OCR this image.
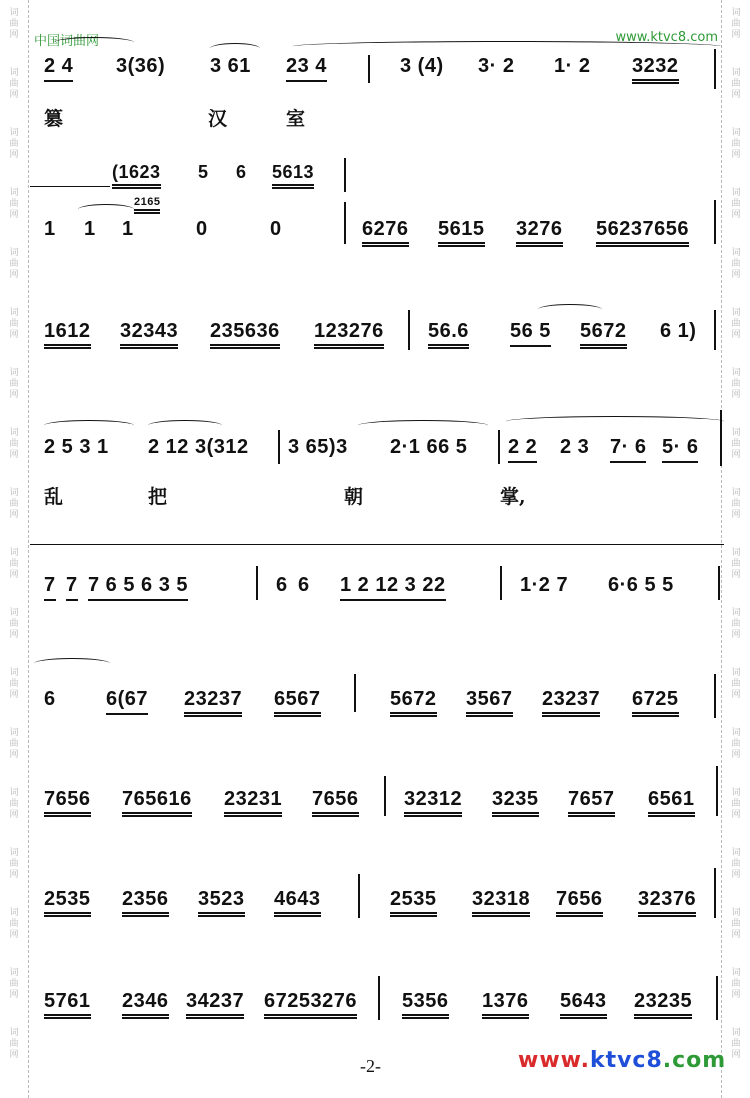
词
曲
网
词
曲
网
词
曲
网
词
曲
网
词
曲
网
词
曲
网
词
曲
网
词
曲
网
词
曲
网
词
曲
网
词
曲
网
词
曲
网
词
曲
网
词
曲
网
词
曲
网
词
曲
网
词
曲
网
词
曲
网
词
曲
网
词
曲
网
词
曲
网
词
曲
网
词
曲
网
词
曲
网
词
曲
网
词
曲
网
词
曲
网
词
曲
网
词
曲
网
词
曲
网
词
曲
网
词
曲
网
词
曲
网
词
曲
网
词
曲
网
词
曲
网
中国词曲网	www.ktvc8.com
2 4 3(36) 3 61 23 4	3 (4) 3· 2 1· 2 3232
篡	汉	室
(1623 5 6 5613
1 1 1
2165
0	0	6276 5615 3276 56237656
1612 32343 235636 123276 56.6 56 5 5672 6 1)
2 5 3 1 2 12 3(312 3 65)3 2·1 66 5 2 2 2 3 7· 6 5· 6
乱	把	朝	掌,
7 7 7 6 5 6 3 5	6 6 1 2 12 3 22	1·2 7 6·6 5 5
6	6(67 23237 6567	5672 3567 23237 6725
7656 765616 23231 7656 32312 3235 7657 6561
2535 2356 3523 4643	2535 32318 7656 32376
5761 2346 34237 67253276 5356 1376 5643 23235
-2-	www.ktvc8.com
